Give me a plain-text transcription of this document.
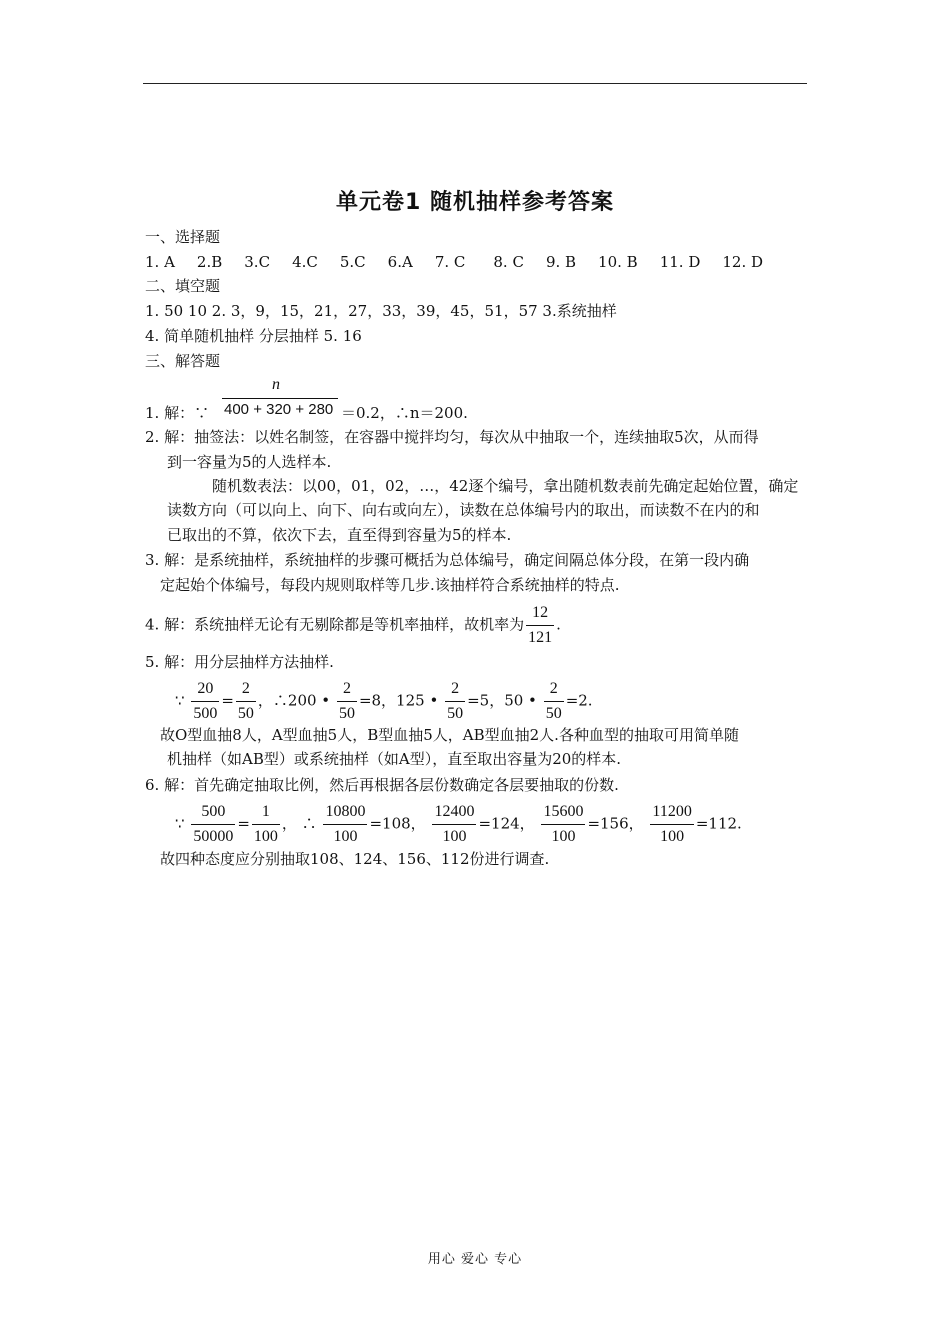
单元卷1 随机抽样参考答案
一、选择题
1. A 2.B 3.C 4.C 5.C 6.A 7. C 8. C 9. B 10. B 11. D 12. D
二、填空题
1. 50 10 2. 3，9，15，21，27，33，39，45，51，57 3.系统抽样
4. 简单随机抽样 分层抽样 5. 16
三、解答题
n
400 + 320 + 280
1. 解：∵	＝0.2，∴n＝200.
2. 解：抽签法：以姓名制签，在容器中搅拌均匀，每次从中抽取一个，连续抽取5次，从而得
到一容量为5的人选样本.
随机数表法：以00，01，02，…，42逐个编号，拿出随机数表前先确定起始位置，确定
读数方向（可以向上、向下、向右或向左），读数在总体编号内的取出，而读数不在内的和
已取出的不算，依次下去，直至得到容量为5的样本.
3. 解：是系统抽样，系统抽样的步骤可概括为总体编号，确定间隔总体分段，在第一段内确
定起始个体编号，每段内规则取样等几步.该抽样符合系统抽样的特点.
4. 解：系统抽样无论有无剔除都是等机率抽样，故机率为 $\frac{12}{121}$ .
5. 解：用分层抽样方法抽样.
∵ $\frac{20}{500} = \frac{2}{50}$ ，∴200 • $\frac{2}{50} =8$，125 • $\frac{2}{50} =5$，50 • $\frac{2}{50} =2$.
故O型血抽8人，A型血抽5人，B型血抽5人，AB型血抽2人.各种血型的抽取可用简单随
机抽样（如AB型）或系统抽样（如A型），直至取出容量为20的样本.
6. 解：首先确定抽取比例，然后再根据各层份数确定各层要抽取的份数.
∵ $\frac{500}{50000} = \frac{1}{100}$ ， ∴ $\frac{10800}{100} =108$， $\frac{12400}{100} =124$， $\frac{15600}{100} =156$， $\frac{11200}{100} =112$.
故四种态度应分别抽取108、124、156、112份进行调查.
用心 爱心 专心
